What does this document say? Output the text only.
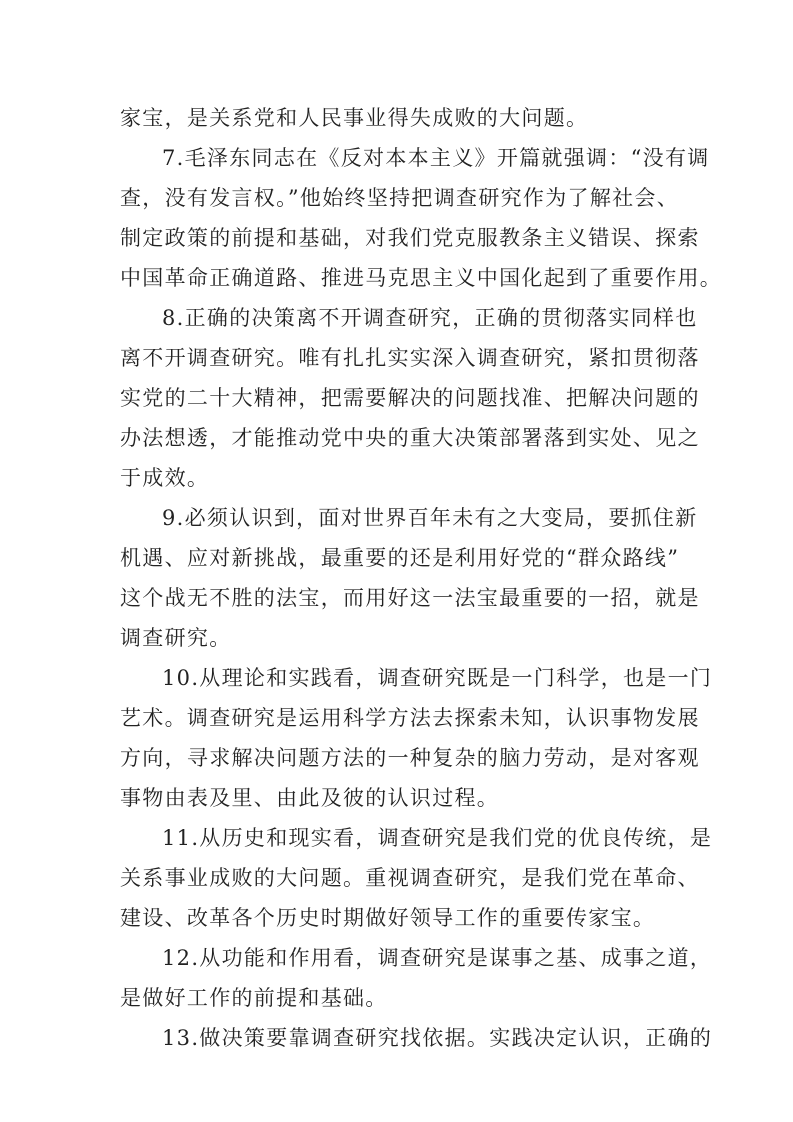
家宝，是关系党和人民事业得失成败的大问题。
7.毛泽东同志在《反对本本主义》开篇就强调：“没有调
查，没有发言权。”他始终坚持把调查研究作为了解社会、
制定政策的前提和基础，对我们党克服教条主义错误、探索
中国革命正确道路、推进马克思主义中国化起到了重要作用。
8.正确的决策离不开调查研究，正确的贯彻落实同样也
离不开调查研究。唯有扎扎实实深入调查研究，紧扣贯彻落
实党的二十大精神，把需要解决的问题找准、把解决问题的
办法想透，才能推动党中央的重大决策部署落到实处、见之
于成效。
9.必须认识到，面对世界百年未有之大变局，要抓住新
机遇、应对新挑战，最重要的还是利用好党的“群众路线”
这个战无不胜的法宝，而用好这一法宝最重要的一招，就是
调查研究。
10.从理论和实践看，调查研究既是一门科学，也是一门
艺术。调查研究是运用科学方法去探索未知，认识事物发展
方向，寻求解决问题方法的一种复杂的脑力劳动，是对客观
事物由表及里、由此及彼的认识过程。
11.从历史和现实看，调查研究是我们党的优良传统，是
关系事业成败的大问题。重视调查研究，是我们党在革命、
建设、改革各个历史时期做好领导工作的重要传家宝。
12.从功能和作用看，调查研究是谋事之基、成事之道，
是做好工作的前提和基础。
13.做决策要靠调查研究找依据。实践决定认识，正确的
